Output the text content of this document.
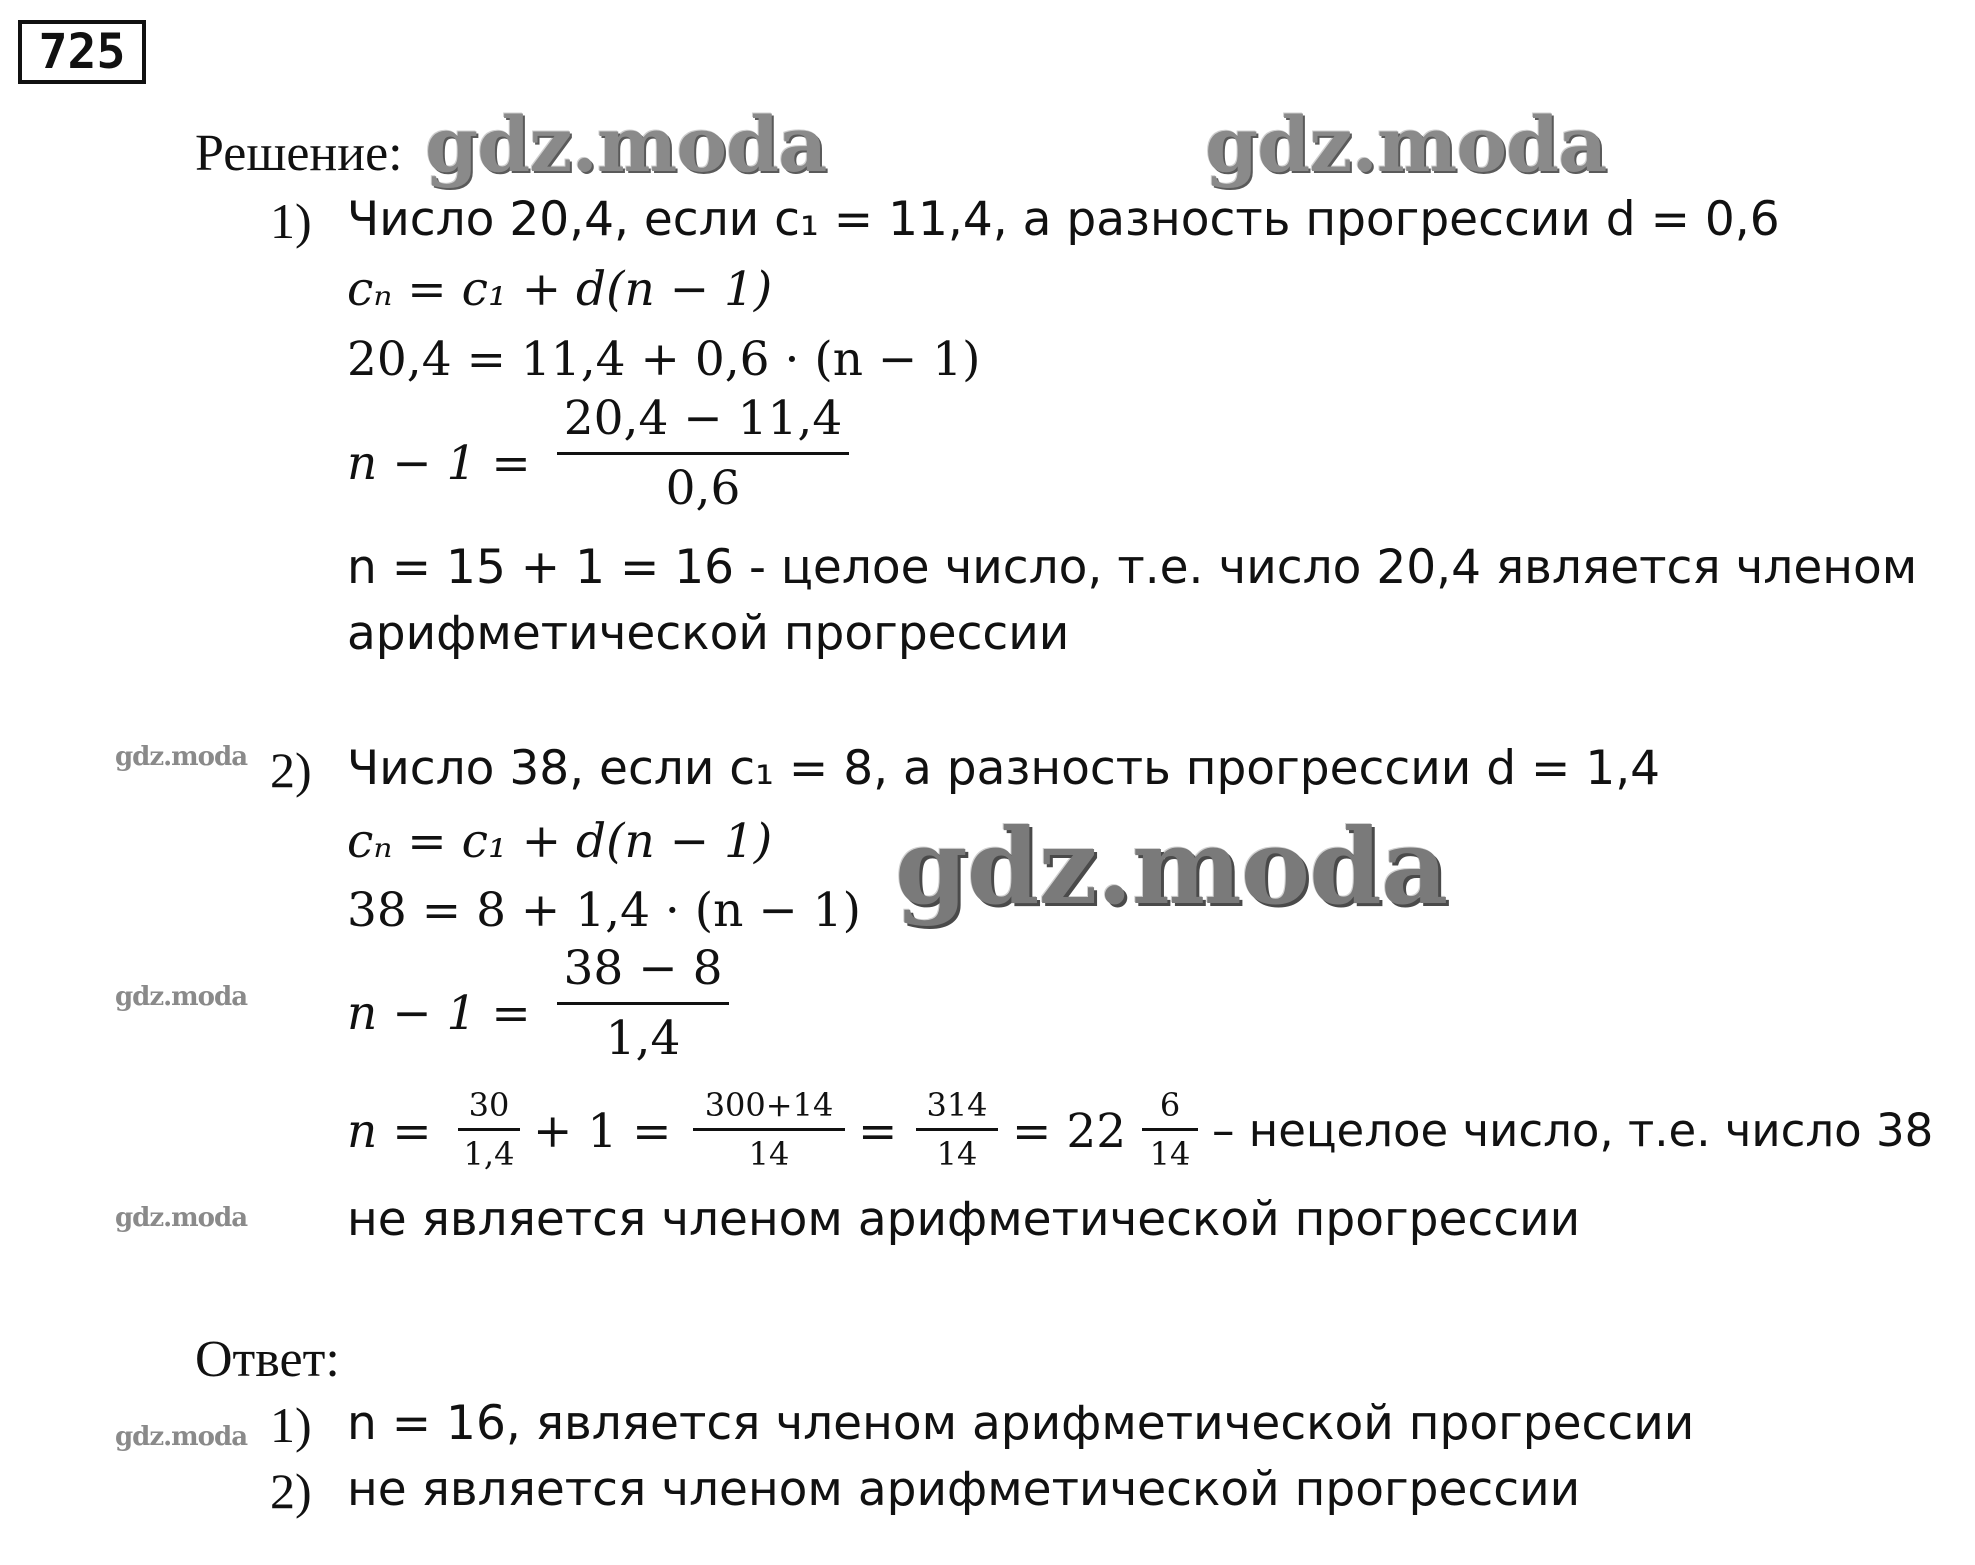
725
gdz.moda	gdz.moda
gdz.moda
gdz.moda
gdz.moda
gdz.moda
gdz.moda
Решение:
1) Число 20,4, если c₁ = 11,4, а разность прогрессии d = 0,6
cₙ = c₁ + d(n − 1)
20,4 = 11,4 + 0,6 · (n − 1)
n − 1 =
20,4 − 11,4
0,6
n = 15 + 1 = 16 - целое число, т.е. число 20,4 является членом
арифметической прогрессии
2) Число 38, если c₁ = 8, а разность прогрессии d = 1,4
cₙ = c₁ + d(n − 1)
38 = 8 + 1,4 · (n − 1)
n − 1 =
38 − 8
1,4
n =	30
1,4 + 1 =	300+14
14	= 314
14 = 22	6
14 – нецелое число, т.е. число 38
не является членом арифметической прогрессии
Ответ:
1) n = 16, является членом арифметической прогрессии
2) не является членом арифметической прогрессии
